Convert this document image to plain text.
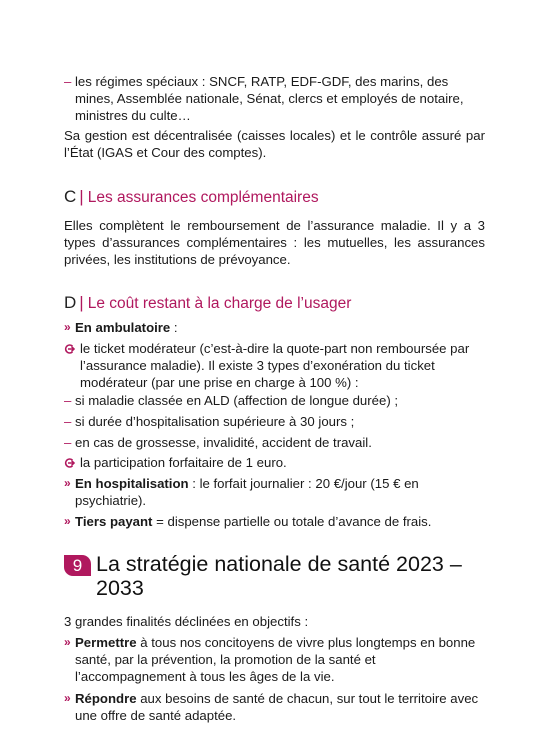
– les régimes spéciaux : SNCF, RATP, EDF-GDF, des marins, des mines, Assemblée nationale, Sénat, clercs et employés de notaire, ministres du culte…

Sa gestion est décentralisée (caisses locales) et le contrôle assuré par l’État (IGAS et Cour des comptes).

C | Les assurances complémentaires

Elles complètent le remboursement de l’assurance maladie. Il y a 3 types d’assurances complémentaires : les mutuelles, les assurances privées, les institutions de prévoyance.

D | Le coût restant à la charge de l’usager
» En ambulatoire :
le ticket modérateur (c’est-à-dire la quote-part non remboursée par l’assurance maladie). Il existe 3 types d’exonération du ticket modérateur (par une prise en charge à 100 %) :
– si maladie classée en ALD (affection de longue durée) ;
– si durée d’hospitalisation supérieure à 30 jours ;
– en cas de grossesse, invalidité, accident de travail.
la participation forfaitaire de 1 euro.
» En hospitalisation : le forfait journalier : 20 €/jour (15 € en psychiatrie).
» Tiers payant = dispense partielle ou totale d’avance de frais.
9 La stratégie nationale de santé 2023 – 2033

3 grandes finalités déclinées en objectifs :

» Permettre à tous nos concitoyens de vivre plus longtemps en bonne santé, par la prévention, la promotion de la santé et l’accompagnement à tous les âges de la vie.
» Répondre aux besoins de santé de chacun, sur tout le territoire avec une offre de santé adaptée.
